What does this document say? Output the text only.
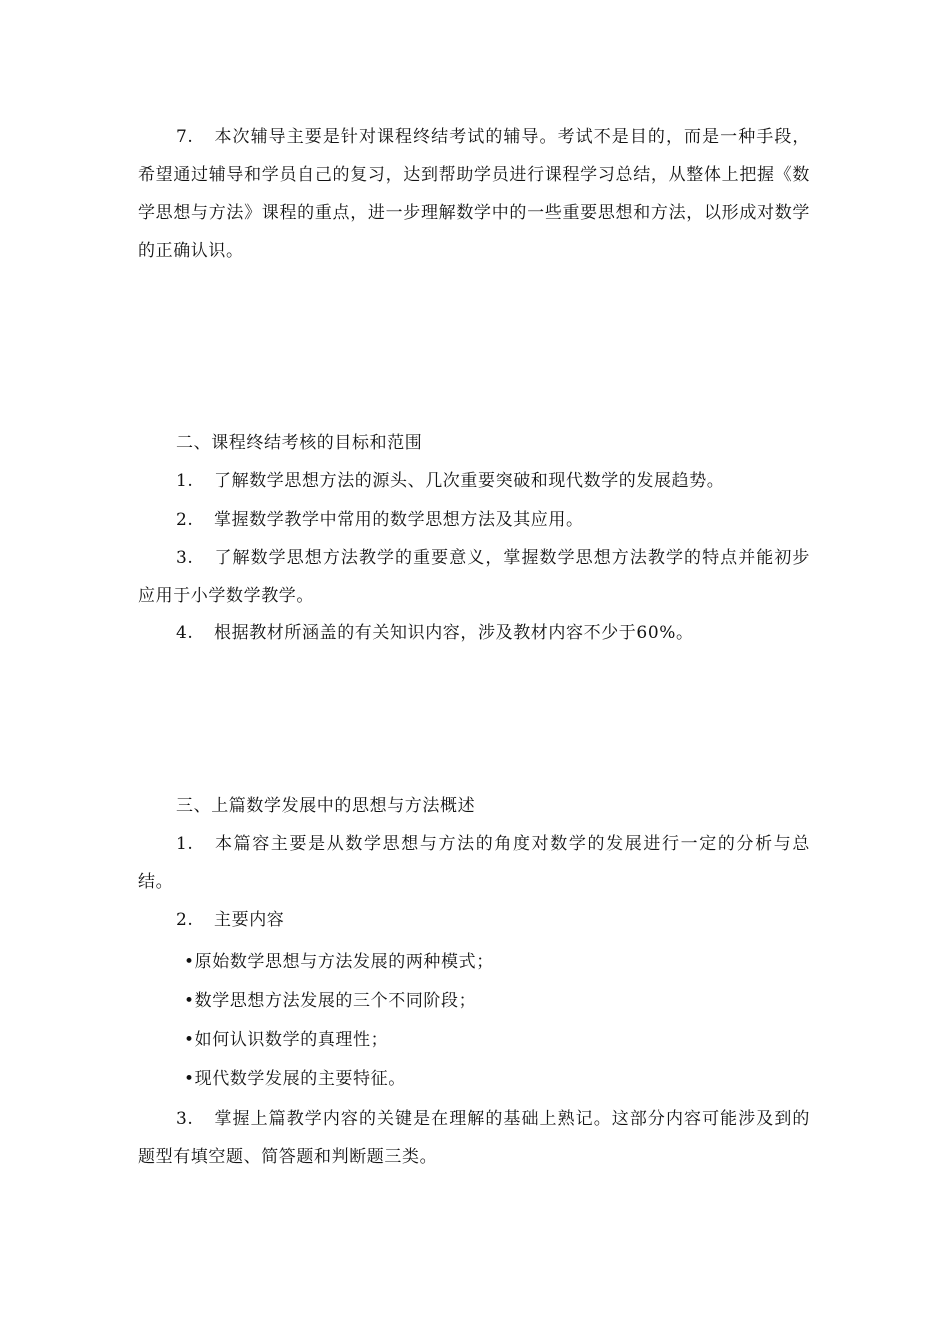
7. 本次辅导主要是针对课程终结考试的辅导。考试不是目的，而是一种手段，希望通过辅导和学员自己的复习，达到帮助学员进行课程学习总结，从整体上把握《数学思想与方法》课程的重点，进一步理解数学中的一些重要思想和方法，以形成对数学的正确认识。

二、课程终结考核的目标和范围

1. 了解数学思想方法的源头、几次重要突破和现代数学的发展趋势。

2. 掌握数学教学中常用的数学思想方法及其应用。

3. 了解数学思想方法教学的重要意义，掌握数学思想方法教学的特点并能初步应用于小学数学教学。

4. 根据教材所涵盖的有关知识内容，涉及教材内容不少于60%。

三、上篇数学发展中的思想与方法概述

1. 本篇容主要是从数学思想与方法的角度对数学的发展进行一定的分析与总结。

2. 主要内容

•原始数学思想与方法发展的两种模式；

•数学思想方法发展的三个不同阶段；

•如何认识数学的真理性；

•现代数学发展的主要特征。

3. 掌握上篇教学内容的关键是在理解的基础上熟记。这部分内容可能涉及到的题型有填空题、简答题和判断题三类。
